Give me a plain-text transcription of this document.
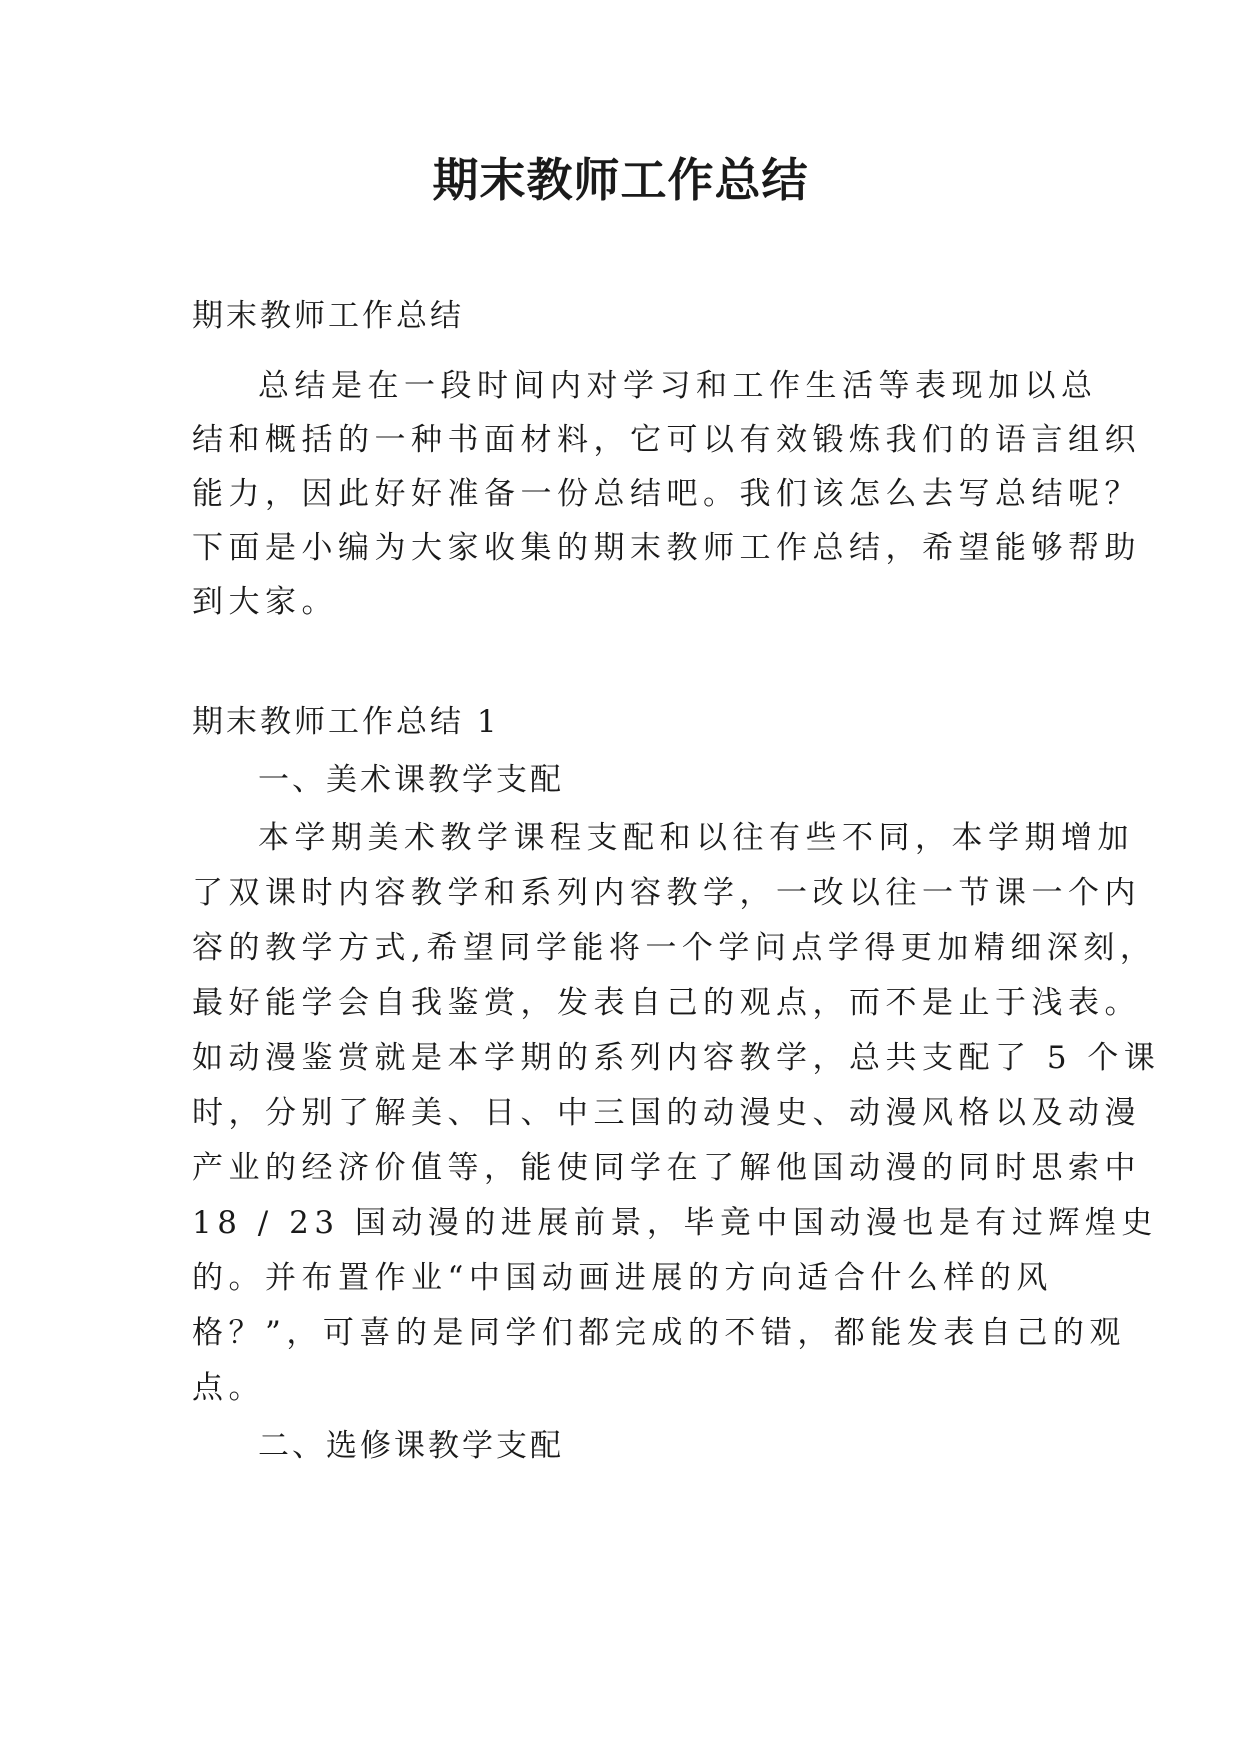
期末教师工作总结
期末教师工作总结
总结是在一段时间内对学习和工作生活等表现加以总
结和概括的一种书面材料，它可以有效锻炼我们的语言组织
能力，因此好好准备一份总结吧。我们该怎么去写总结呢？
下面是小编为大家收集的期末教师工作总结，希望能够帮助
到大家。
期末教师工作总结 1
一、美术课教学支配
本学期美术教学课程支配和以往有些不同，本学期增加
了双课时内容教学和系列内容教学，一改以往一节课一个内
容的教学方式,希望同学能将一个学问点学得更加精细深刻，
最好能学会自我鉴赏，发表自己的观点，而不是止于浅表。
如动漫鉴赏就是本学期的系列内容教学，总共支配了 5 个课
时，分别了解美、日、中三国的动漫史、动漫风格以及动漫
产业的经济价值等，能使同学在了解他国动漫的同时思索中
18 / 23 国动漫的进展前景，毕竟中国动漫也是有过辉煌史
的。并布置作业“中国动画进展的方向适合什么样的风
格？”，可喜的是同学们都完成的不错，都能发表自己的观
点。
二、选修课教学支配
